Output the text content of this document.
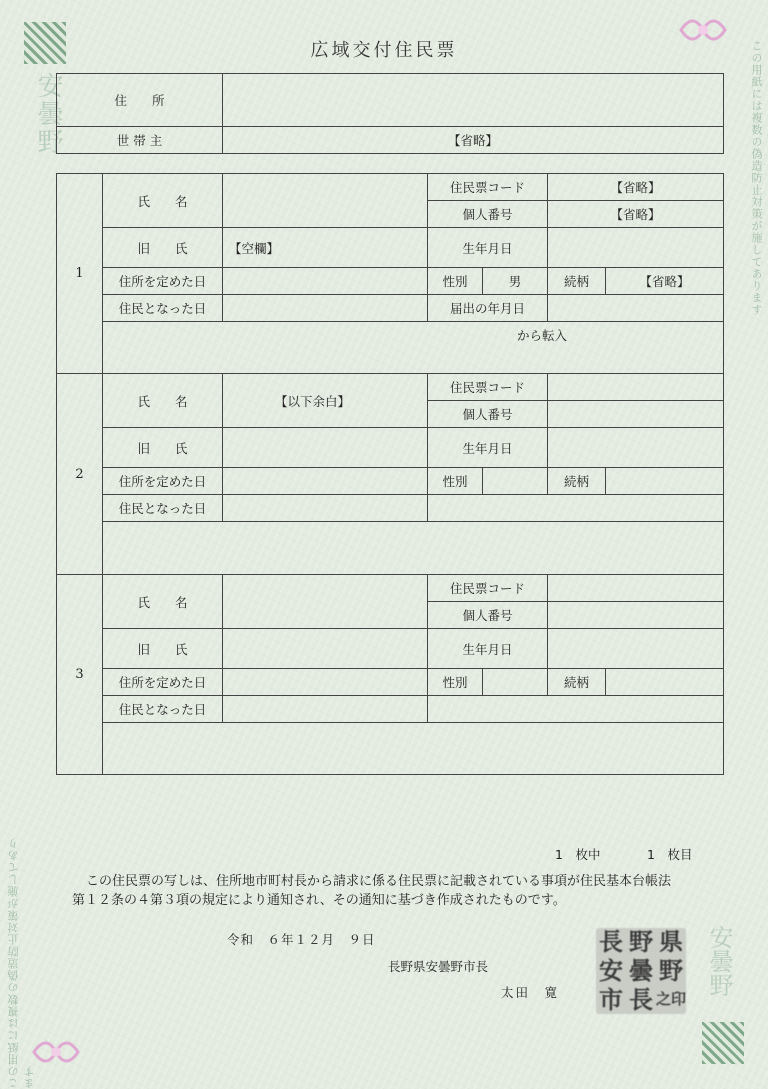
安曇野	この用紙には複数の偽造防止対策が施してあります
この用紙には複数の偽造防止対策が施してあります
広域交付住民票
住　　所	
世 帯 主	【省略】
1	氏　　名		住民票コード		【省略】	
			個人番号		【省略】	
	旧　　氏	【空欄】	生年月日			
	住所を定めた日		性別	男	続柄	【省略】
	住民となった日		届出の年月日			
	から転入					

2	氏　　名	【以下余白】	住民票コード			
			個人番号			
	旧　　氏		生年月日			
	住所を定めた日		性別		続柄	
	住民となった日					

3	氏　　名		住民票コード			
			個人番号			
	旧　　氏		生年月日			
	住所を定めた日		性別		続柄	
	住民となった日					

1　枚中	1　枚目
この住民票の写しは、住所地市町村長から請求に係る住民票に記載されている事項が住民基本台帳法
第１２条の４第３項の規定により通知され、その通知に基づき作成されたものです。
令和　６年１２月　９日
長野県安曇野市長
太田　寛	安曇野
長 野 県
安 曇 野
市 長 之印
